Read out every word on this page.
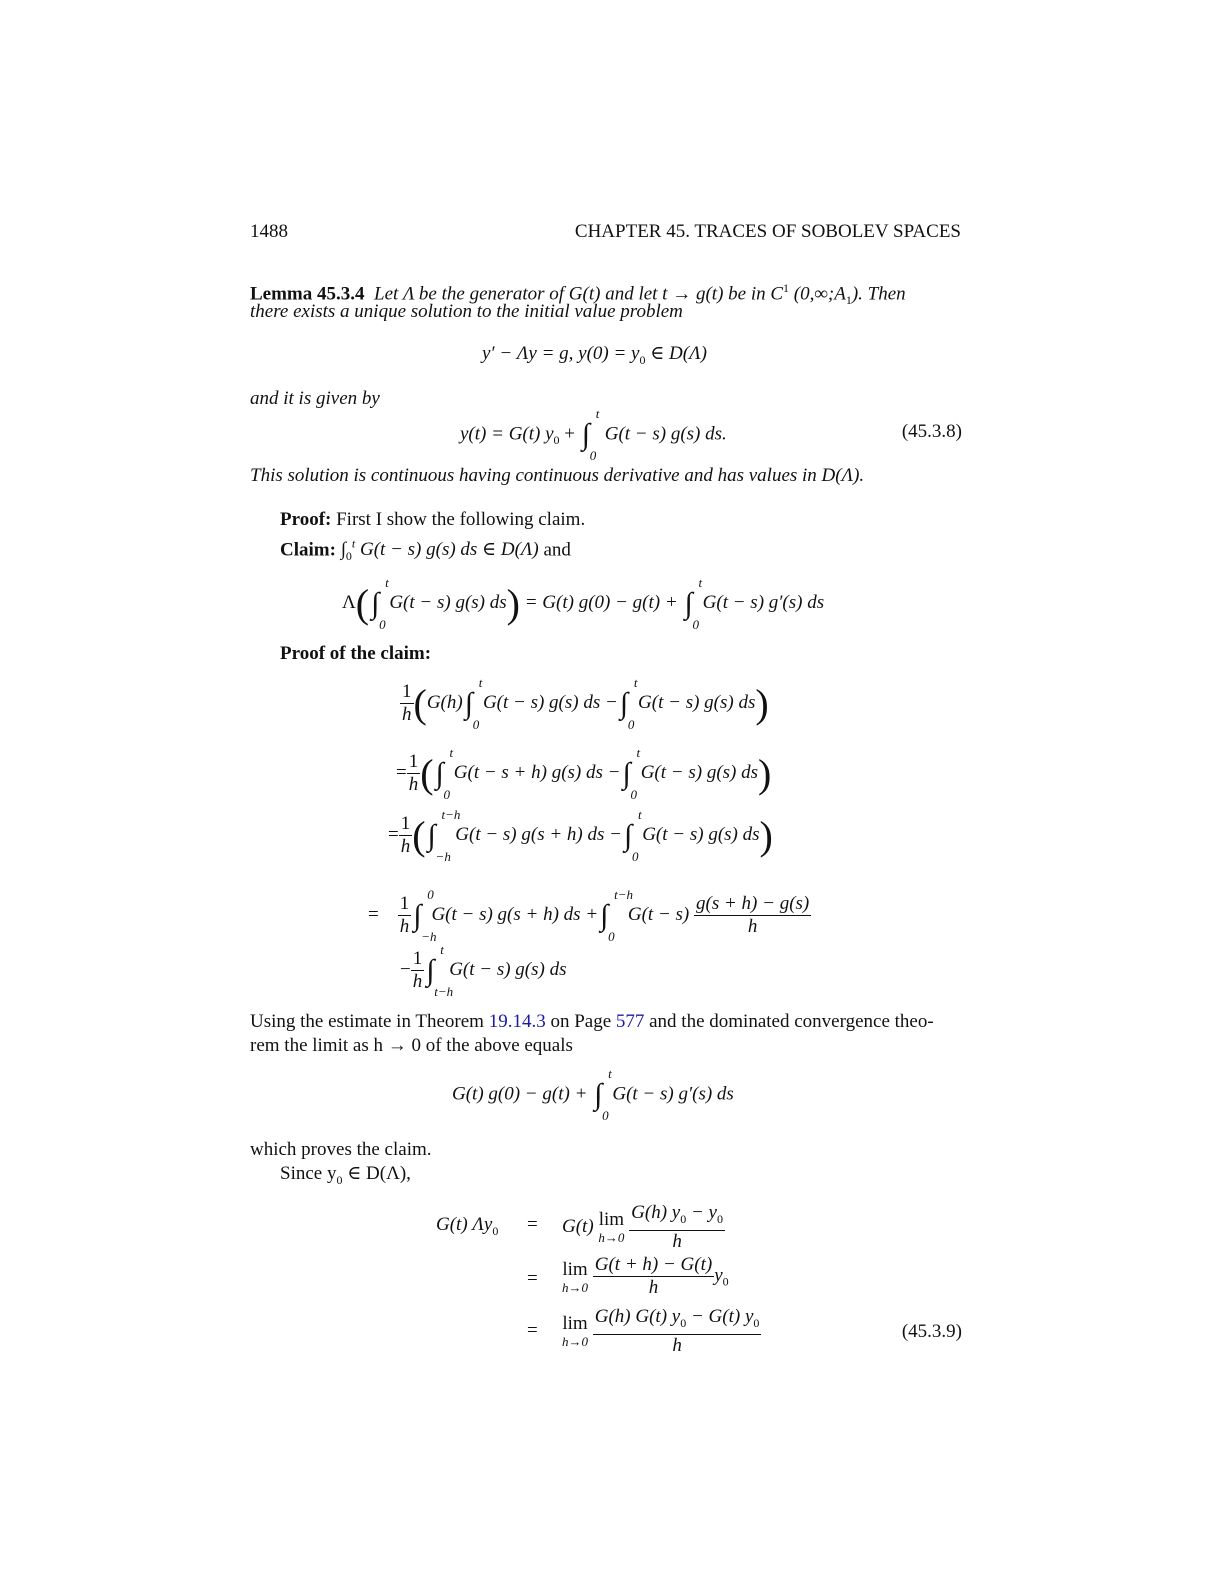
1488	CHAPTER 45. TRACES OF SOBOLEV SPACES
Lemma 45.3.4 Let Λ be the generator of G(t) and let t → g(t) be in $C^1$ $(0,\infty;A_1)$. Then
there exists a unique solution to the initial value problem
y′ − Λy = g, $y(0) = y_0$ ∈ D(Λ)
and it is given by
y(t) = G(t) $y_0$ + ∫
t
0
G(t − s) g(s) ds.	(45.3.8)
This solution is continuous having continuous derivative and has values in D(Λ).
Proof: First I show the following claim.
Claim: $\int_0^t$ G(t − s) g(s) ds ∈ D(Λ) and
Λ(∫
t
0
G(t − s) g(s) ds) = G(t) g(0) − g(t) + ∫
t
0
G(t − s) g′(s) ds
Proof of the claim:
$\frac{1}{h} (G(h)\int$
t
0
G(t − s) g(s) ds −∫
t
0
G(t − s) g(s) ds)
= $\frac{1}{h}$ (∫
t
0
G(t − s + h) g(s) ds −∫
t
0
G(t − s) g(s) ds)
= $\frac{1}{h}$ (∫
t−h
−h
G(t − s) g(s + h) ds −∫
t
0
G(t − s) g(s) ds)
= $\frac{1}{h}$ ∫
0
−h
G(t − s) g(s + h) ds +∫
t−h
0
$G(t - s) \frac{g(s + h) - g(s)}{h}$
− $\frac{1}{h}$ ∫
t
t−h
G(t − s) g(s) ds
Using the estimate in Theorem 19.14.3 on Page 577 and the dominated convergence theo-
rem the limit as h → 0 of the above equals
G(t) g(0) − g(t) + ∫
t
0
G(t − s) g′(s) ds
which proves the claim.
Since $y_0$ ∈ D(Λ),
G(t) $\Lambda y_0 = G(t)$ lim
h→0
$\frac{G(h) y_0 - y_0}{h}$
= lim
h→0
$\frac{G(t + h) - G(t)}{h} y_0$
= lim
h→0
$\frac{G(h) G(t) y_0 - G(t) y_0}{h}$	(45.3.9)
